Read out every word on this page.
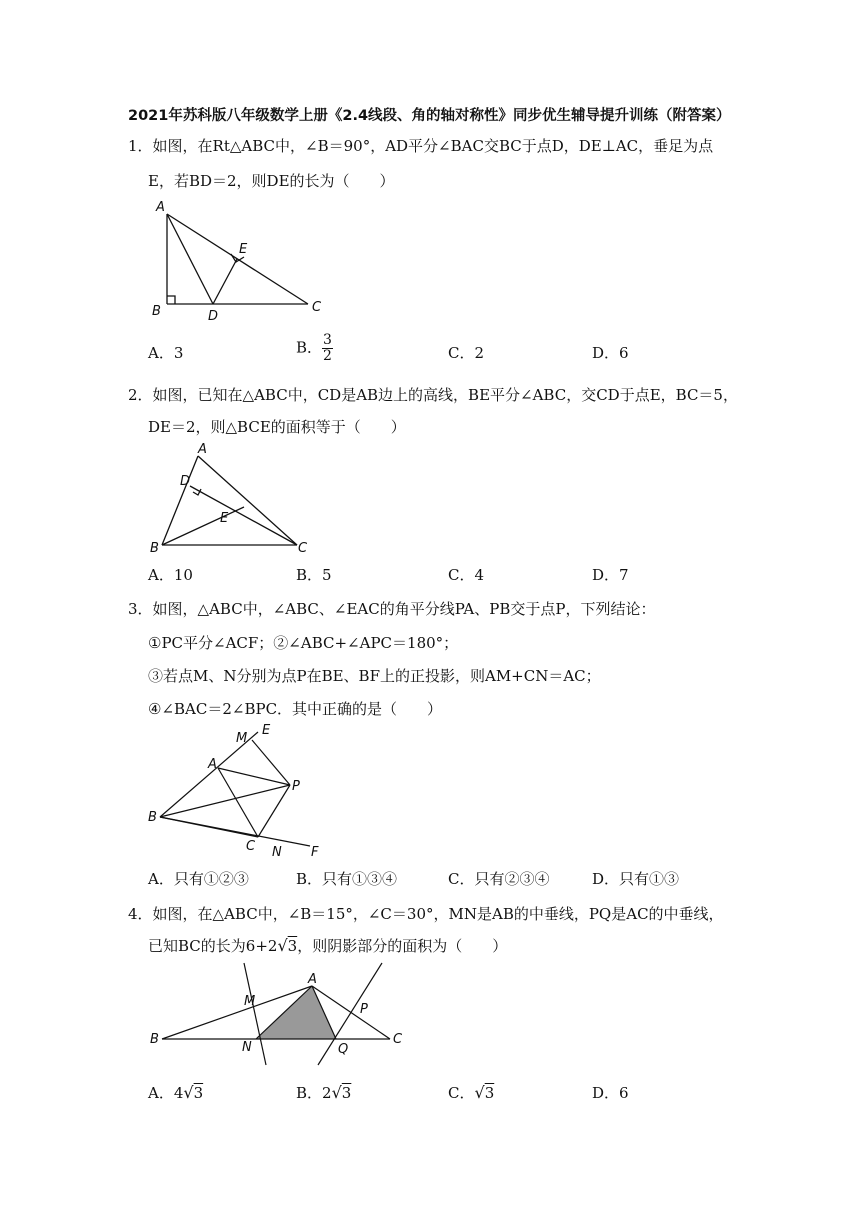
2021年苏科版八年级数学上册《2.4线段、角的轴对称性》同步优生辅导提升训练（附答案）
1．如图，在Rt△ABC中，∠B＝90°，AD平分∠BAC交BC于点D，DE⊥AC，垂足为点
E，若BD＝2，则DE的长为（　　）
A
B	C
D
E
A．3	B． $\frac{3}{2}$	C．2	D．6
2．如图，已知在△ABC中，CD是AB边上的高线，BE平分∠ABC，交CD于点E，BC＝5，
DE＝2，则△BCE的面积等于（　　）
A
B	C
D
E
A．10	B．5	C．4	D．7
3．如图，△ABC中，∠ABC、∠EAC的角平分线PA、PB交于点P，下列结论：
①PC平分∠ACF；②∠ABC+∠APC＝180°；
③若点M、N分别为点P在BE、BF上的正投影，则AM+CN＝AC；
④∠BAC＝2∠BPC．其中正确的是（　　）
A
B
C
E
F
M
N
P
A．只有①②③	B．只有①③④	C．只有②③④	D．只有①③
4．如图，在△ABC中，∠B＝15°，∠C＝30°，MN是AB的中垂线，PQ是AC的中垂线，
已知BC的长为6+2√3，则阴影部分的面积为（　　）
B
A
C
M
N
P
Q
A．4√3	B．2√3	C．√3	D．6
